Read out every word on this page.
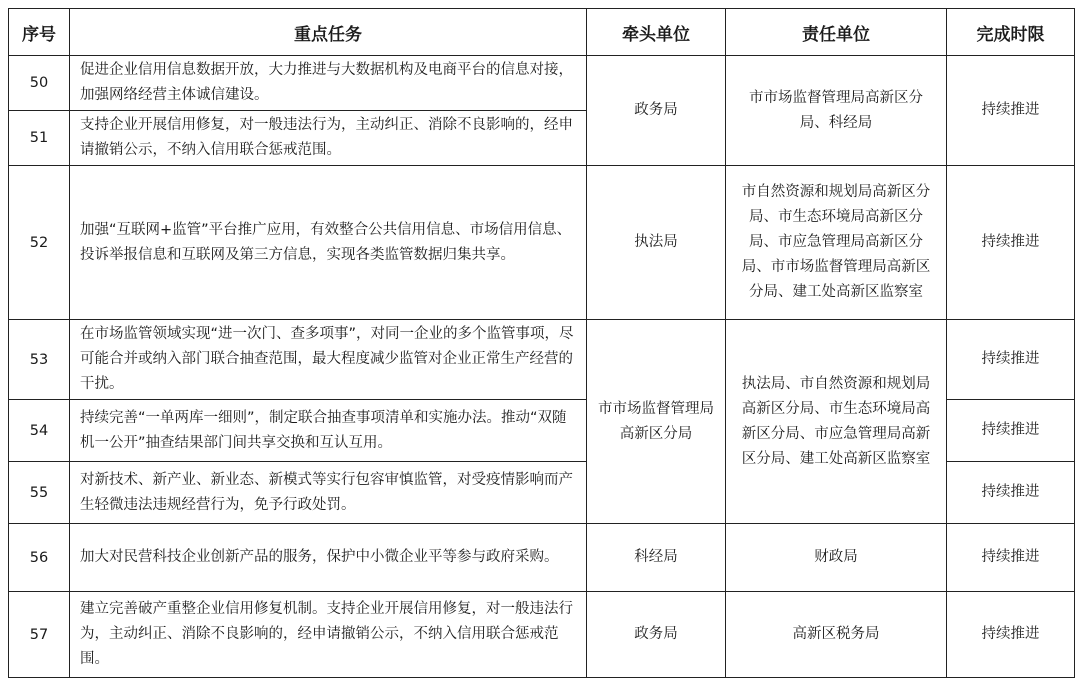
序号	重点任务	牵头单位	责任单位	完成时限
50	促进企业信用信息数据开放，大力推进与大数据机构及电商平台的信息对接，加强网络经营主体诚信建设。	政务局	市市场监督管理局高新区分局、科经局	持续推进
51	支持企业开展信用修复，对一般违法行为，主动纠正、消除不良影响的，经申请撤销公示，不纳入信用联合惩戒范围。			
52	加强“互联网+监管”平台推广应用，有效整合公共信用信息、市场信用信息、投诉举报信息和互联网及第三方信息，实现各类监管数据归集共享。	执法局	市自然资源和规划局高新区分局、市生态环境局高新区分局、市应急管理局高新区分局、市市场监督管理局高新区分局、建工处高新区监察室	持续推进
53	在市场监管领域实现“进一次门、查多项事”，对同一企业的多个监管事项，尽可能合并或纳入部门联合抽查范围，最大程度减少监管对企业正常生产经营的干扰。	市市场监督管理局高新区分局	执法局、市自然资源和规划局高新区分局、市生态环境局高新区分局、市应急管理局高新区分局、建工处高新区监察室	持续推进
54	持续完善“一单两库一细则”，制定联合抽查事项清单和实施办法。推动“双随机一公开”抽查结果部门间共享交换和互认互用。			持续推进
55	对新技术、新产业、新业态、新模式等实行包容审慎监管，对受疫情影响而产生轻微违法违规经营行为，免予行政处罚。			持续推进
56	加大对民营科技企业创新产品的服务，保护中小微企业平等参与政府采购。	科经局	财政局	持续推进
57	建立完善破产重整企业信用修复机制。支持企业开展信用修复，对一般违法行为，主动纠正、消除不良影响的，经申请撤销公示，不纳入信用联合惩戒范围。	政务局	高新区税务局	持续推进
